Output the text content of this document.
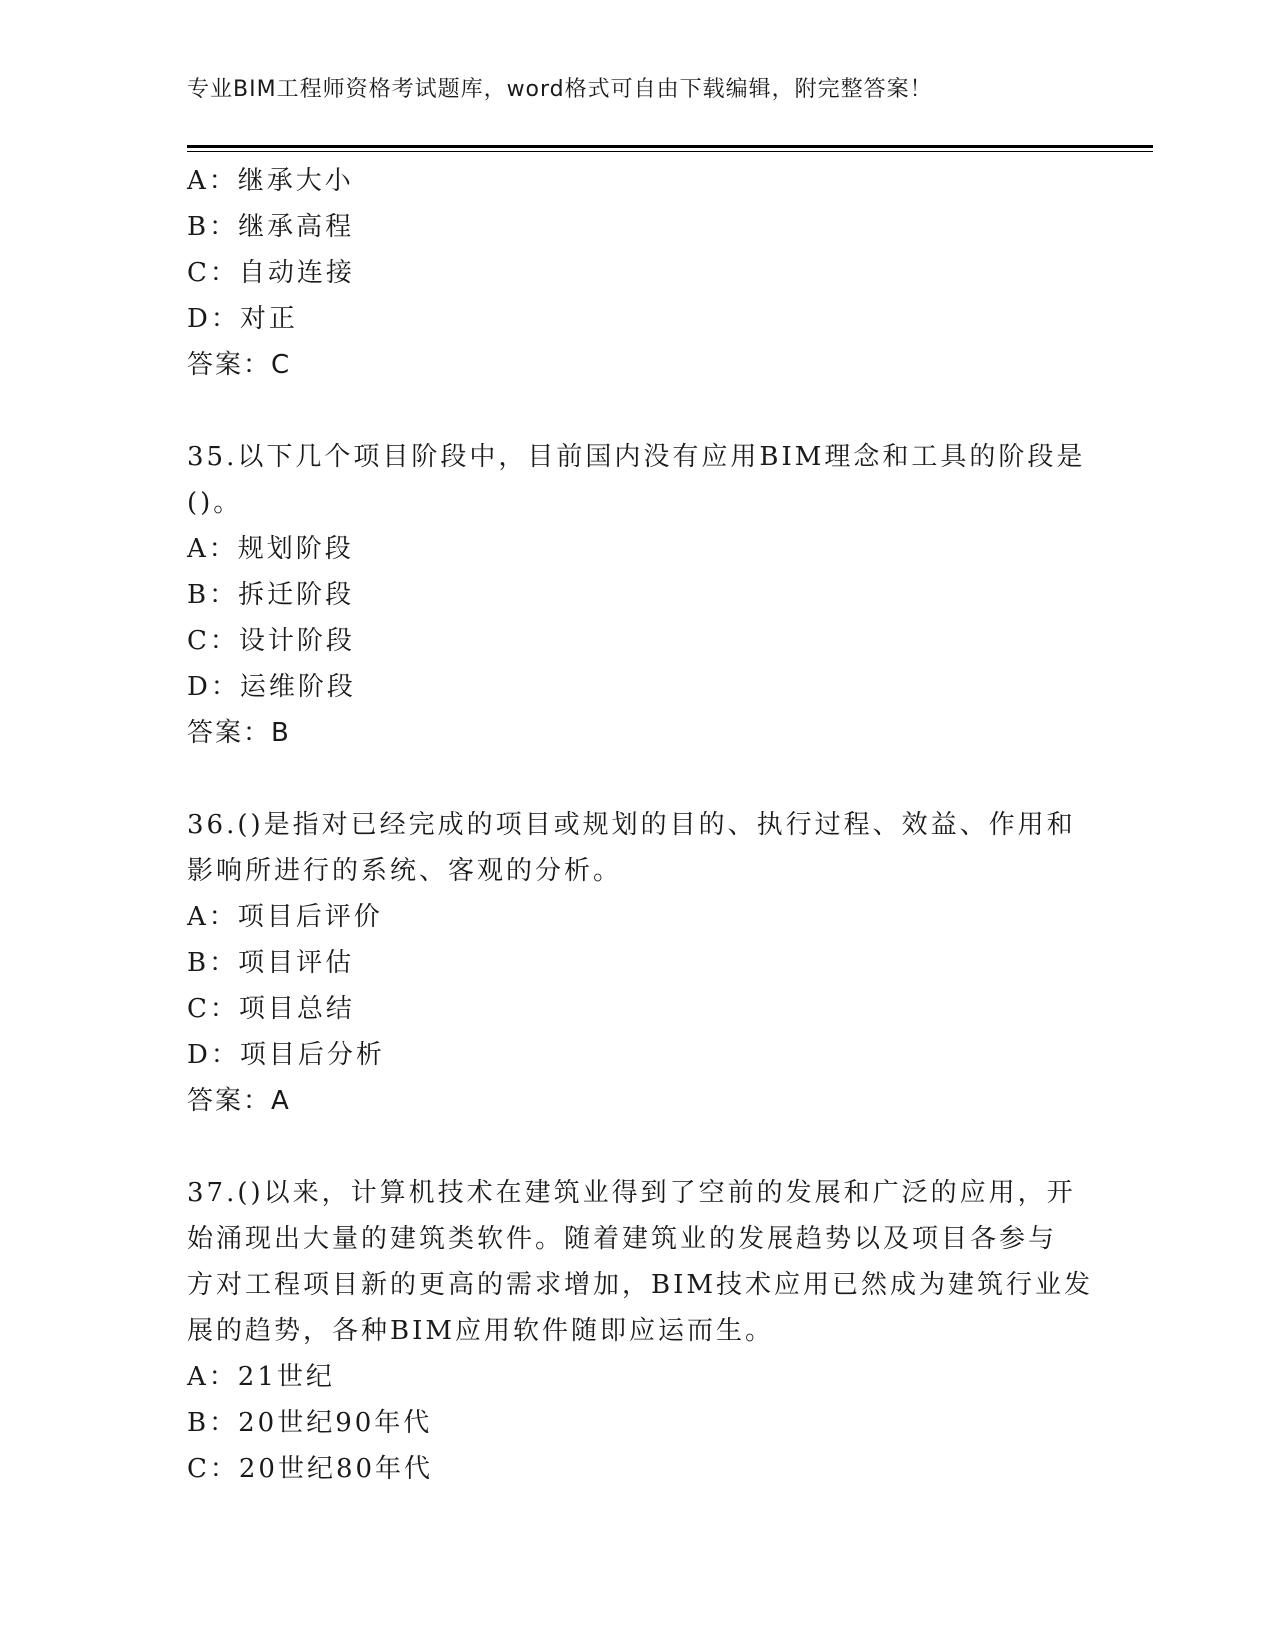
专业BIM工程师资格考试题库，word格式可自由下载编辑，附完整答案！
A：继承大小
B：继承高程
C：自动连接
D：对正
答案：C
35.以下几个项目阶段中，目前国内没有应用BIM理念和工具的阶段是
()。
A：规划阶段
B：拆迁阶段
C：设计阶段
D：运维阶段
答案：B
36.()是指对已经完成的项目或规划的目的、执行过程、效益、作用和
影响所进行的系统、客观的分析。
A：项目后评价
B：项目评估
C：项目总结
D：项目后分析
答案：A
37.()以来，计算机技术在建筑业得到了空前的发展和广泛的应用，开
始涌现出大量的建筑类软件。随着建筑业的发展趋势以及项目各参与
方对工程项目新的更高的需求增加，BIM技术应用已然成为建筑行业发
展的趋势，各种BIM应用软件随即应运而生。
A：21世纪
B：20世纪90年代
C：20世纪80年代
